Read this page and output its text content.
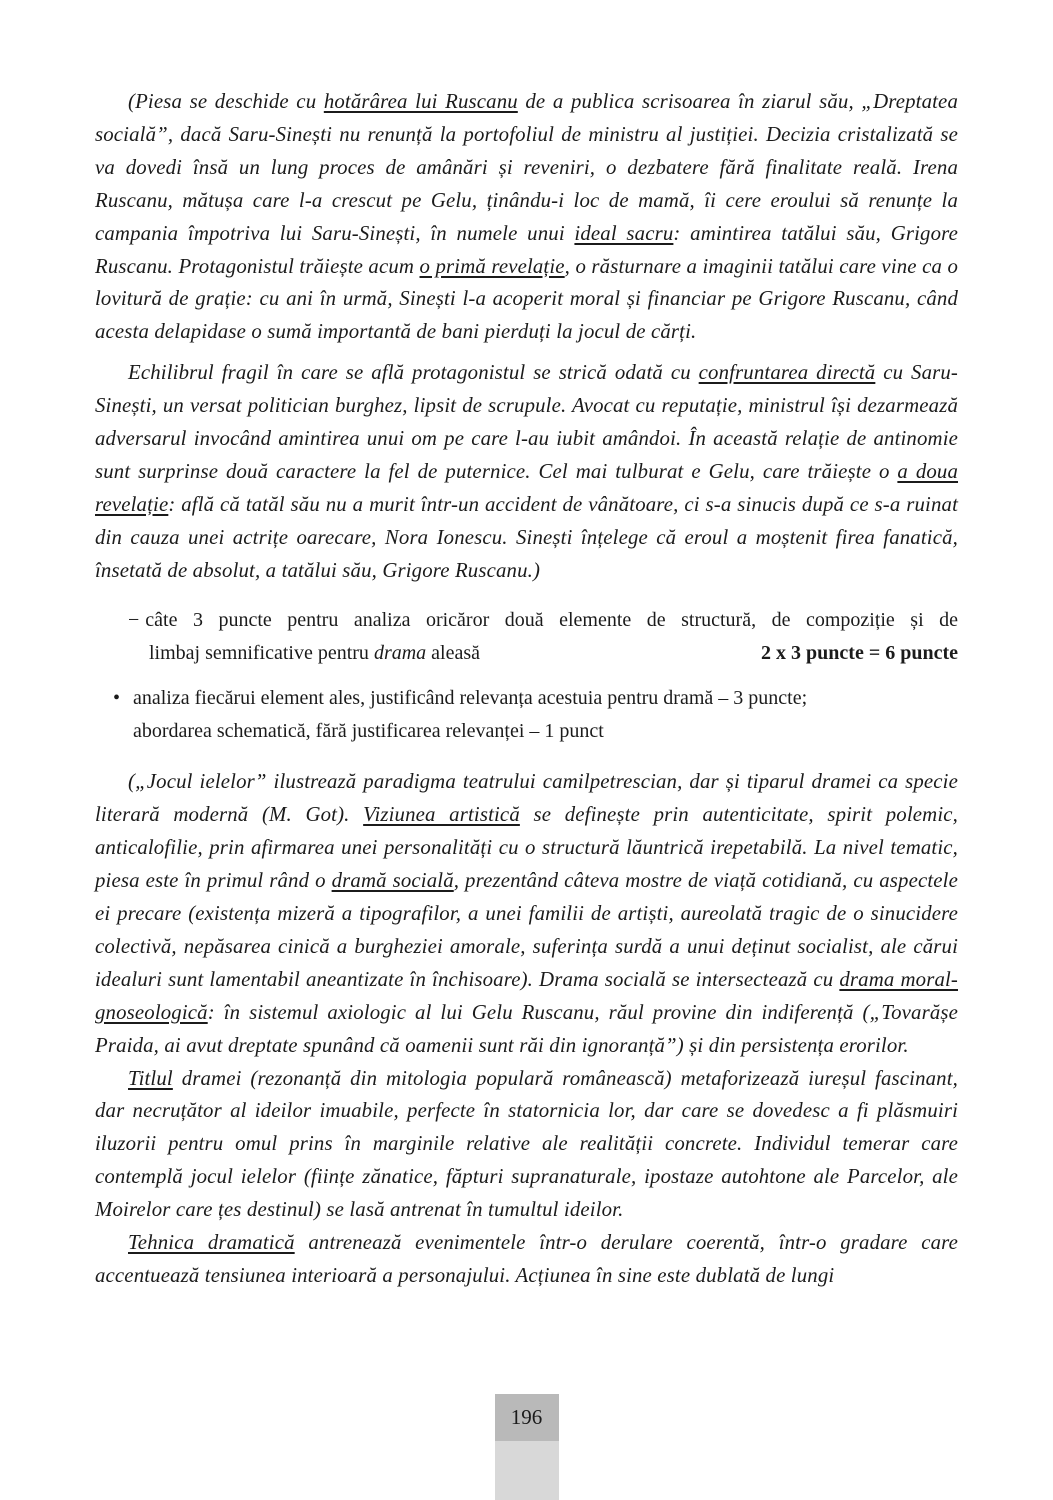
(Piesa se deschide cu hotărârea lui Ruscanu de a publica scrisoarea în ziarul său, „Dreptatea socială”, dacă Saru-Sinești nu renunță la portofoliul de ministru al justiției. Decizia cristalizată se va dovedi însă un lung proces de amânări și reveniri, o dezbatere fără finalitate reală. Irena Ruscanu, mătușa care l-a crescut pe Gelu, ținându-i loc de mamă, îi cere eroului să renunțe la campania împotriva lui Saru-Sinești, în numele unui ideal sacru: amintirea tatălui său, Grigore Ruscanu. Protagonistul trăiește acum o primă revelație, o răsturnare a imaginii tatălui care vine ca o lovitură de grație: cu ani în urmă, Sinești l-a acoperit moral și financiar pe Grigore Ruscanu, când acesta delapidase o sumă importantă de bani pierduți la jocul de cărți.

Echilibrul fragil în care se află protagonistul se strică odată cu confruntarea directă cu Saru-Sinești, un versat politician burghez, lipsit de scrupule. Avocat cu reputație, ministrul își dezarmează adversarul invocând amintirea unui om pe care l-au iubit amândoi. În această relație de antinomie sunt surprinse două caractere la fel de puternice. Cel mai tulburat e Gelu, care trăiește o a doua revelație: află că tatăl său nu a murit într-un accident de vânătoare, ci s-a sinucis după ce s-a ruinat din cauza unei actrițe oarecare, Nora Ionescu. Sinești înțelege că eroul a moștenit firea fanatică, însetată de absolut, a tatălui său, Grigore Ruscanu.)

− câte 3 puncte pentru analiza oricăror două elemente de structură, de compoziție și de
limbaj semnificative pentru drama aleasă	2 x 3 puncte = 6 puncte
• analiza fiecărui element ales, justificând relevanța acestuia pentru dramă – 3 puncte;
abordarea schematică, fără justificarea relevanței – 1 punct

(„Jocul ielelor” ilustrează paradigma teatrului camilpetrescian, dar și tiparul dramei ca specie literară modernă (M. Got). Viziunea artistică se definește prin autenticitate, spirit polemic, anticalofilie, prin afirmarea unei personalități cu o structură lăuntrică irepetabilă. La nivel tematic, piesa este în primul rând o dramă socială, prezentând câteva mostre de viață cotidiană, cu aspectele ei precare (existența mizeră a tipografilor, a unei familii de artiști, aureolată tragic de o sinucidere colectivă, nepăsarea cinică a burgheziei amorale, suferința surdă a unui deținut socialist, ale cărui idealuri sunt lamentabil aneantizate în închisoare). Drama socială se intersectează cu drama moral-gnoseologică: în sistemul axiologic al lui Gelu Ruscanu, răul provine din indiferență („Tovarășe Praida, ai avut dreptate spunând că oamenii sunt răi din ignoranță”) și din persistența erorilor.

Titlul dramei (rezonanță din mitologia populară românească) metaforizează iureșul fascinant, dar necruțător al ideilor imuabile, perfecte în statornicia lor, dar care se dovedesc a fi plăsmuiri iluzorii pentru omul prins în marginile relative ale realității concrete. Individul temerar care contemplă jocul ielelor (ființe zănatice, făpturi supranaturale, ipostaze autohtone ale Parcelor, ale Moirelor care țes destinul) se lasă antrenat în tumultul ideilor.

Tehnica dramatică antrenează evenimentele într-o derulare coerentă, într-o gradare care accentuează tensiunea interioară a personajului. Acțiunea în sine este dublată de lungi

196
